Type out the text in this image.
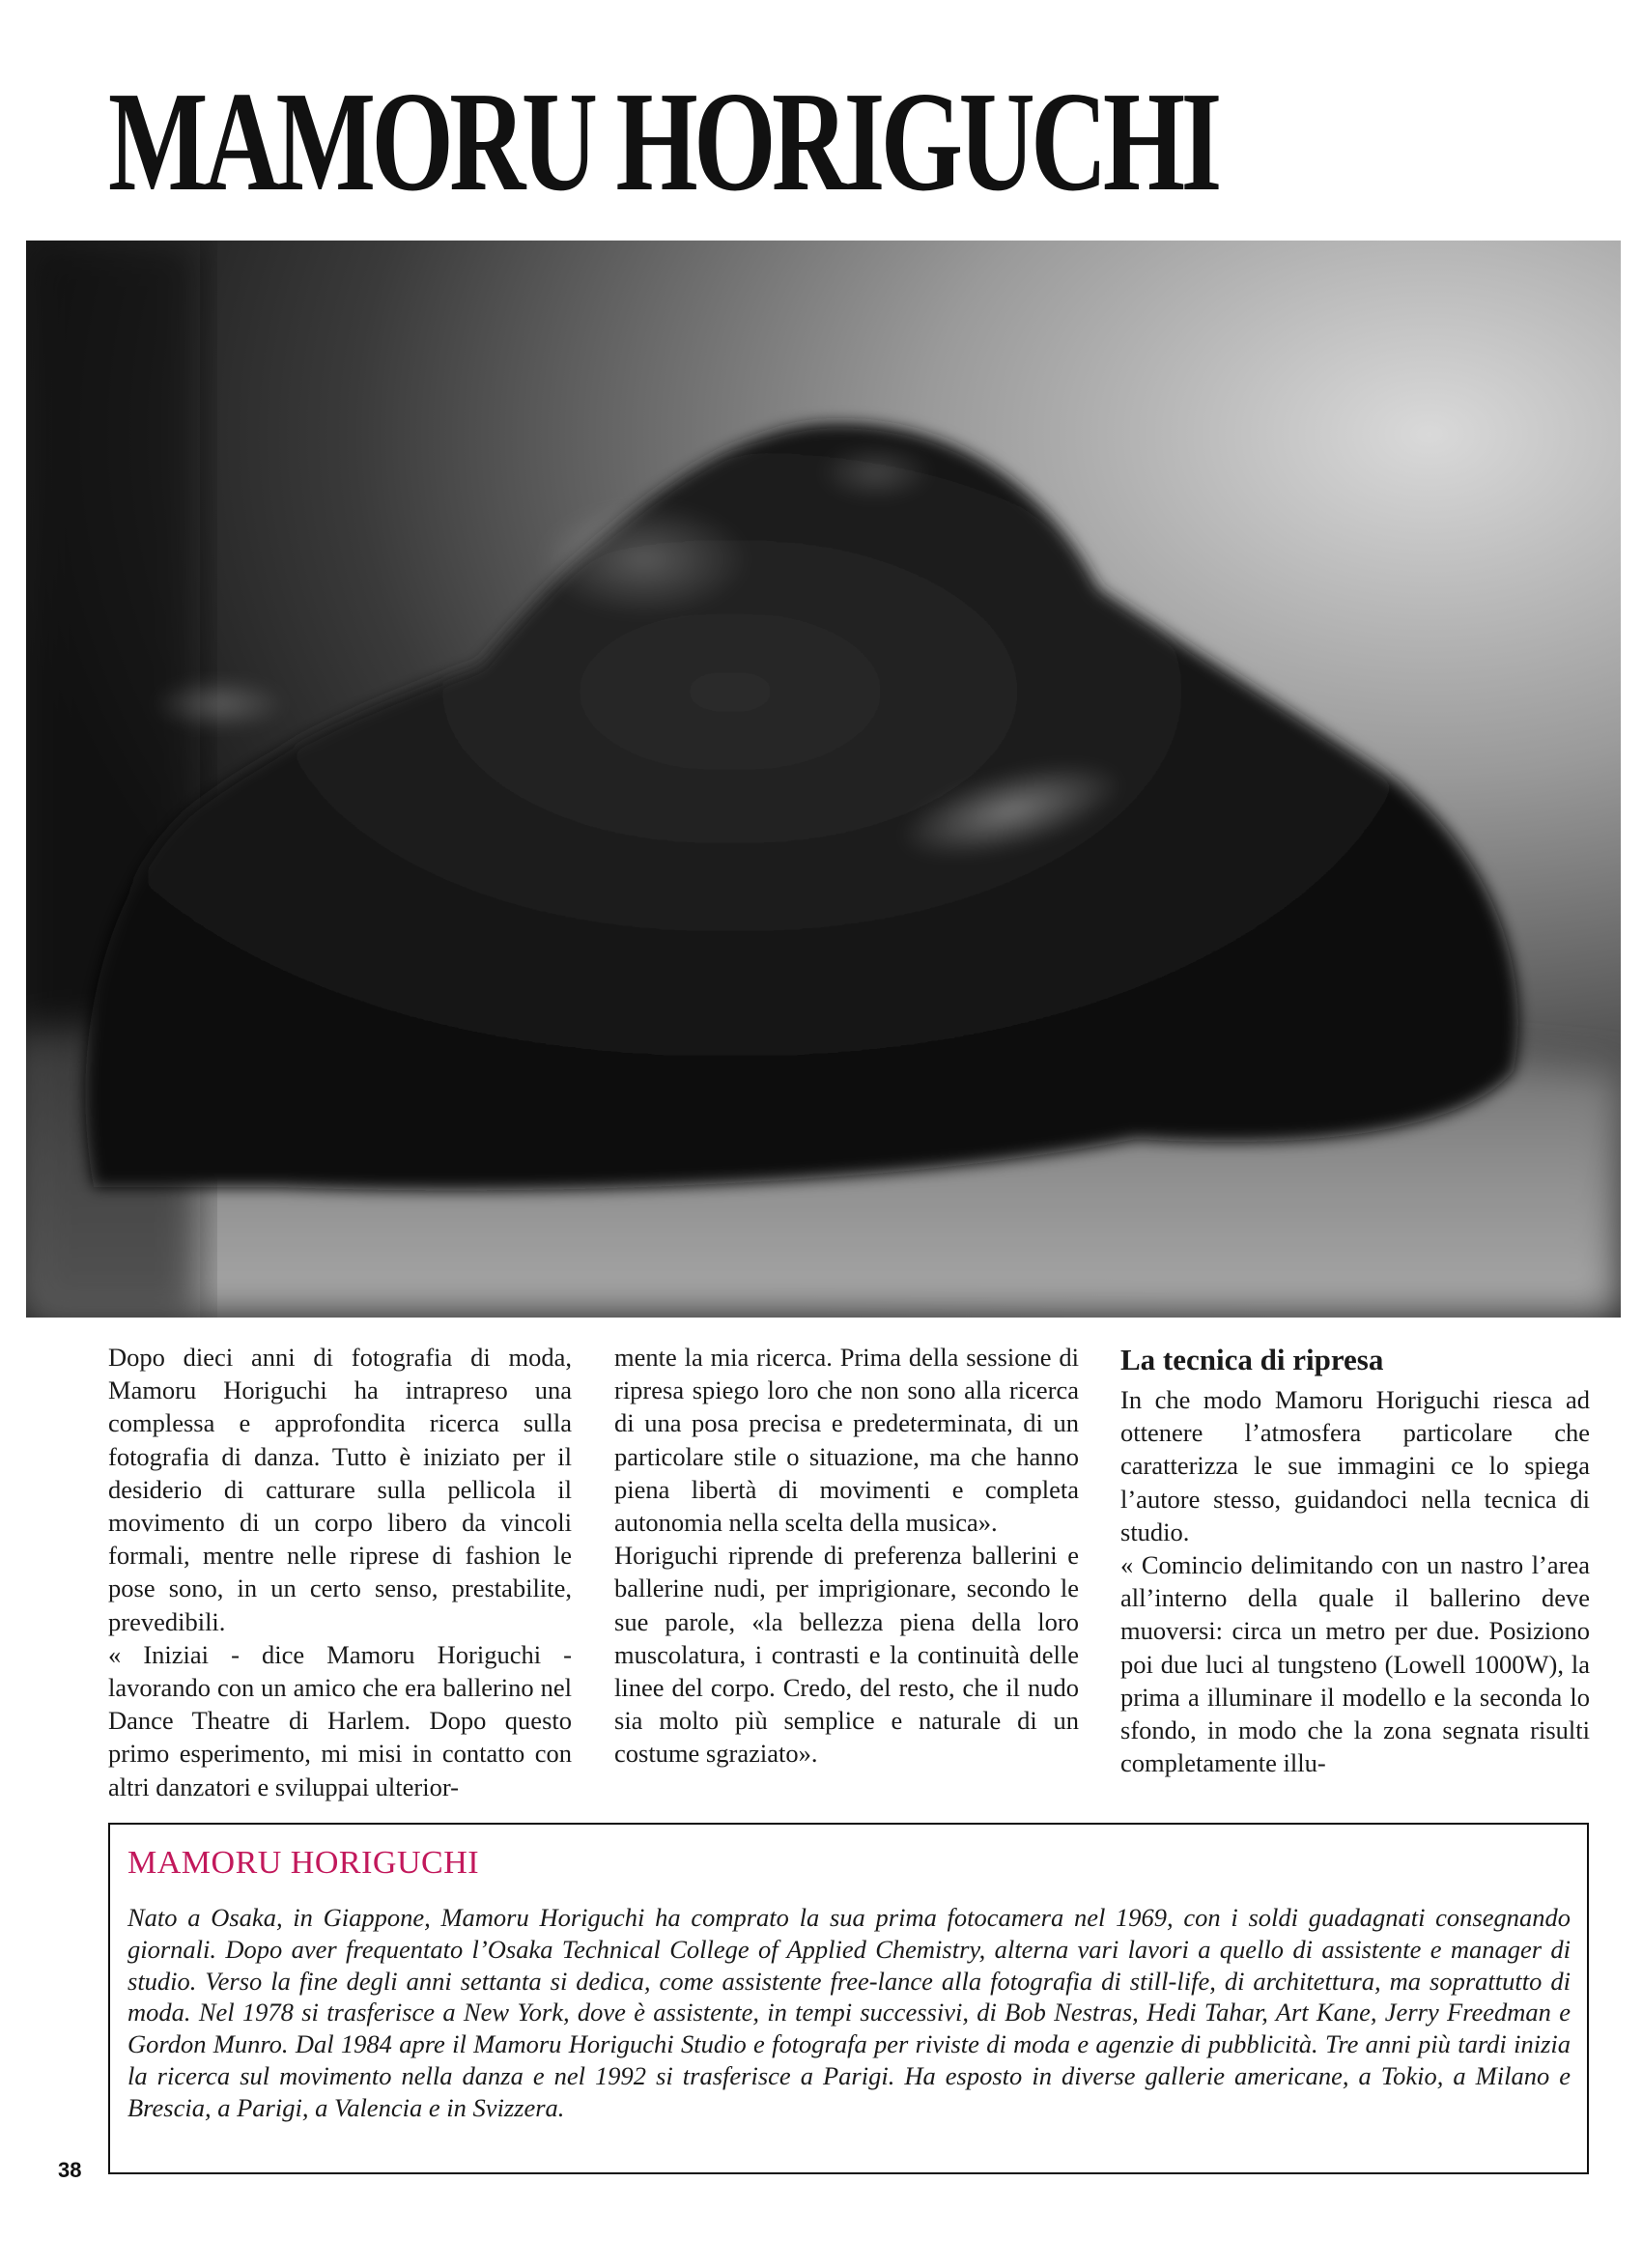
MAMORU HORIGUCHI

Dopo dieci anni di fotografia di moda, Mamoru Horiguchi ha intrapreso una complessa e approfondita ricerca sulla fotografia di danza. Tutto è iniziato per il desiderio di catturare sulla pellicola il movimento di un corpo libero da vincoli formali, mentre nelle riprese di fashion le pose sono, in un certo senso, prestabilite, prevedibili.

« Iniziai - dice Mamoru Horiguchi - lavorando con un amico che era ballerino nel Dance Theatre di Harlem. Dopo questo primo esperimento, mi misi in contatto con altri danzatori e sviluppai ulterior-

mente la mia ricerca. Prima della sessione di ripresa spiego loro che non sono alla ricerca di una posa precisa e predeterminata, di un particolare stile o situazione, ma che hanno piena libertà di movimenti e completa autonomia nella scelta della musica».

Horiguchi riprende di preferenza ballerini e ballerine nudi, per imprigionare, secondo le sue parole, «la bellezza piena della loro muscolatura, i contrasti e la continuità delle linee del corpo. Credo, del resto, che il nudo sia molto più semplice e naturale di un costume sgraziato».

La tecnica di ripresa

In che modo Mamoru Horiguchi riesca ad ottenere l’atmosfera particolare che caratterizza le sue immagini ce lo spiega l’autore stesso, guidandoci nella tecnica di studio.

« Comincio delimitando con un nastro l’area all’interno della quale il ballerino deve muoversi: circa un metro per due. Posiziono poi due luci al tungsteno (Lowell 1000W), la prima a illuminare il modello e la seconda lo sfondo, in modo che la zona segnata risulti completamente illu-

MAMORU HORIGUCHI

Nato a Osaka, in Giappone, Mamoru Horiguchi ha comprato la sua prima fotocamera nel 1969, con i soldi guadagnati consegnando giornali. Dopo aver frequentato l’Osaka Technical College of Applied Chemistry, alterna vari lavori a quello di assistente e manager di studio. Verso la fine degli anni settanta si dedica, come assistente free-lance alla fotografia di still-life, di architettura, ma soprattutto di moda. Nel 1978 si trasferisce a New York, dove è assistente, in tempi successivi, di Bob Nestras, Hedi Tahar, Art Kane, Jerry Freedman e Gordon Munro. Dal 1984 apre il Mamoru Horiguchi Studio e fotografa per riviste di moda e agenzie di pubblicità. Tre anni più tardi inizia la ricerca sul movimento nella danza e nel 1992 si trasferisce a Parigi. Ha esposto in diverse gallerie americane, a Tokio, a Milano e Brescia, a Parigi, a Valencia e in Svizzera.

38
